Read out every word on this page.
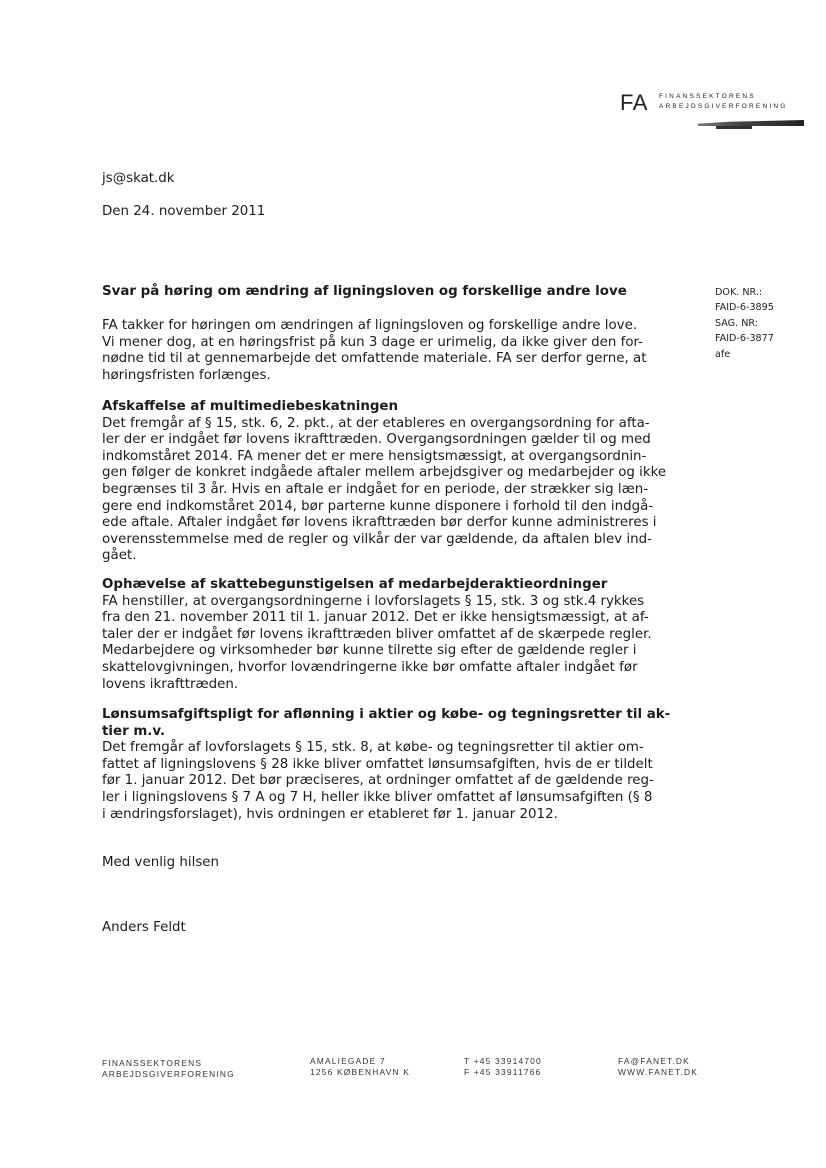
FA FINANSSEKTORENS
ARBEJDSGIVERFORENING
js@skat.dk
Den 24. november 2011
Svar på høring om ændring af ligningsloven og forskellige andre love	DOK. NR.:
FAID-6-3895
SAG. NR:
FAID-6-3877
afe
FA takker for høringen om ændringen af ligningsloven og forskellige andre love.
Vi mener dog, at en høringsfrist på kun 3 dage er urimelig, da ikke giver den for-
nødne tid til at gennemarbejde det omfattende materiale. FA ser derfor gerne, at
høringsfristen forlænges.
Afskaffelse af multimediebeskatningen
Det fremgår af § 15, stk. 6, 2. pkt., at der etableres en overgangsordning for afta-
ler der er indgået før lovens ikrafttræden. Overgangsordningen gælder til og med
indkomståret 2014. FA mener det er mere hensigtsmæssigt, at overgangsordnin-
gen følger de konkret indgåede aftaler mellem arbejdsgiver og medarbejder og ikke
begrænses til 3 år. Hvis en aftale er indgået for en periode, der strækker sig læn-
gere end indkomståret 2014, bør parterne kunne disponere i forhold til den indgå-
ede aftale. Aftaler indgået før lovens ikrafttræden bør derfor kunne administreres i
overensstemmelse med de regler og vilkår der var gældende, da aftalen blev ind-
gået.
Ophævelse af skattebegunstigelsen af medarbejderaktieordninger
FA henstiller, at overgangsordningerne i lovforslagets § 15, stk. 3 og stk.4 rykkes
fra den 21. november 2011 til 1. januar 2012. Det er ikke hensigtsmæssigt, at af-
taler der er indgået før lovens ikrafttræden bliver omfattet af de skærpede regler.
Medarbejdere og virksomheder bør kunne tilrette sig efter de gældende regler i
skattelovgivningen, hvorfor lovændringerne ikke bør omfatte aftaler indgået før
lovens ikrafttræden.
Lønsumsafgiftspligt for aflønning i aktier og købe- og tegningsretter til ak-
tier m.v.
Det fremgår af lovforslagets § 15, stk. 8, at købe- og tegningsretter til aktier om-
fattet af ligningslovens § 28 ikke bliver omfattet lønsumsafgiften, hvis de er tildelt
før 1. januar 2012. Det bør præciseres, at ordninger omfattet af de gældende reg-
ler i ligningslovens § 7 A og 7 H, heller ikke bliver omfattet af lønsumsafgiften (§ 8
i ændringsforslaget), hvis ordningen er etableret før 1. januar 2012.
Med venlig hilsen
Anders Feldt
FINANSSEKTORENS
ARBEJDSGIVERFORENING
AMALIEGADE 7
1256 KØBENHAVN K
T +45 33914700
F +45 33911766
FA@FANET.DK
WWW.FANET.DK
